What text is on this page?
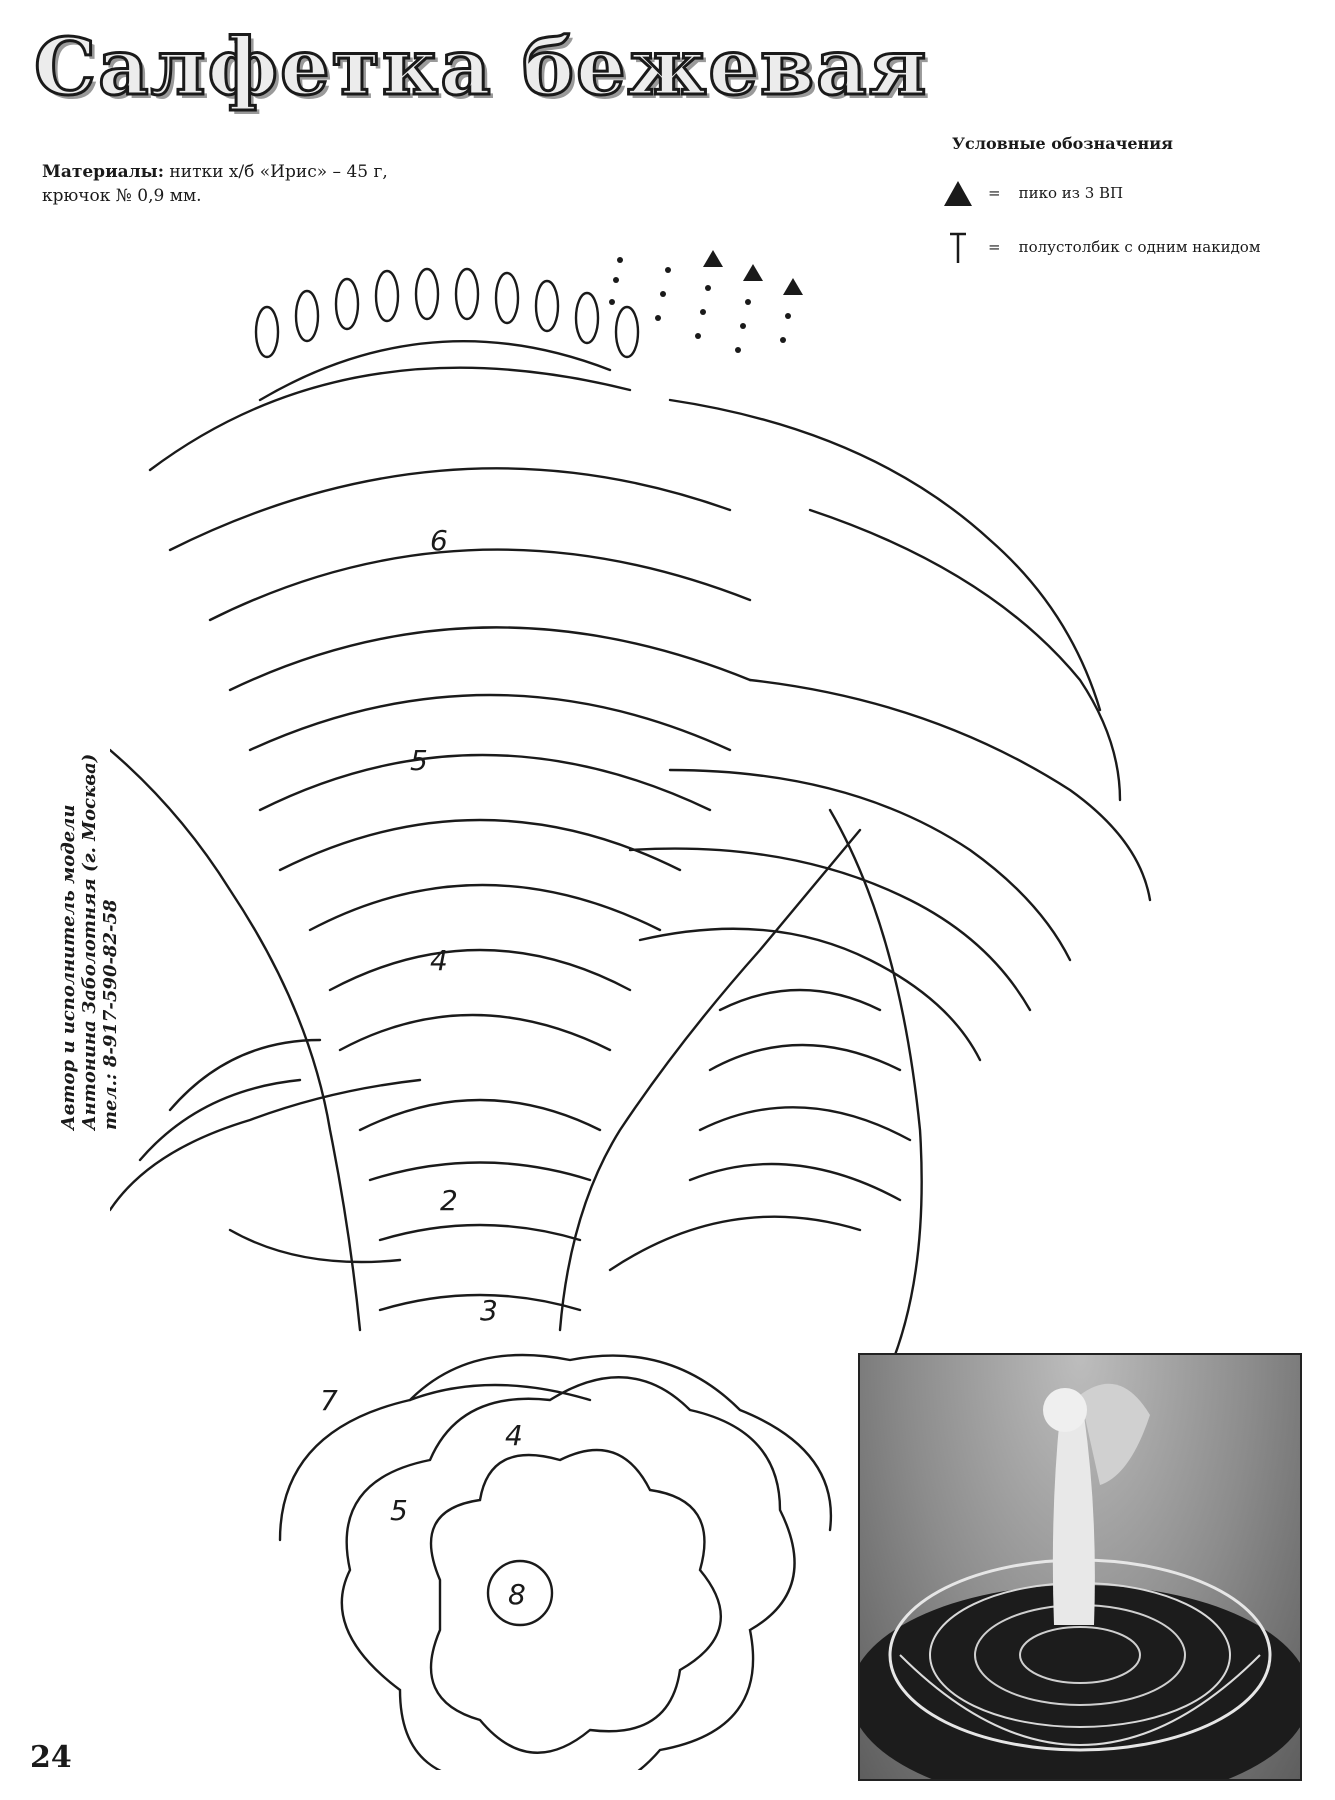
Салфетка бежевая
Материалы: нитки х/б «Ирис» – 45 г,
крючок № 0,9 мм.
Условные обозначения
= пико из 3 ВП
= полустолбик с одним накидом
Автор и исполнитель модели Антонина Заболотняя (г. Москва) тел.: 8-917-590-82-58
8
4
5
7
3
2
4
5
6
24
